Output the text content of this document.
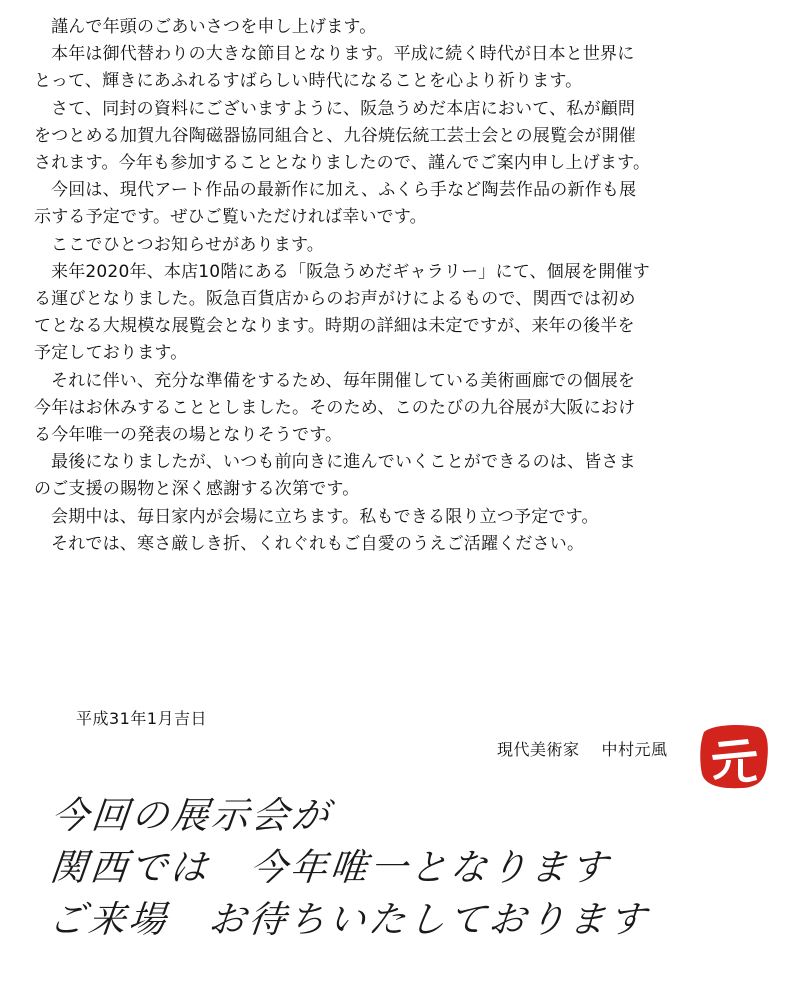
謹んで年頭のごあいさつを申し上げます。

本年は御代替わりの大きな節目となります。平成に続く時代が日本と世界に
とって、輝きにあふれるすばらしい時代になることを心より祈ります。

さて、同封の資料にございますように、阪急うめだ本店において、私が顧問
をつとめる加賀九谷陶磁器協同組合と、九谷焼伝統工芸士会との展覧会が開催
されます。今年も参加することとなりましたので、謹んでご案内申し上げます。

今回は、現代アート作品の最新作に加え、ふくら手など陶芸作品の新作も展
示する予定です。ぜひご覧いただければ幸いです。

ここでひとつお知らせがあります。

来年2020年、本店10階にある「阪急うめだギャラリー」にて、個展を開催す
る運びとなりました。阪急百貨店からのお声がけによるもので、関西では初め
てとなる大規模な展覧会となります。時期の詳細は未定ですが、来年の後半を
予定しております。

それに伴い、充分な準備をするため、毎年開催している美術画廊での個展を
今年はお休みすることとしました。そのため、このたびの九谷展が大阪におけ
る今年唯一の発表の場となりそうです。

最後になりましたが、いつも前向きに進んでいくことができるのは、皆さま
のご支援の賜物と深く感謝する次第です。

会期中は、毎日家内が会場に立ちます。私もできる限り立つ予定です。

それでは、寒さ厳しき折、くれぐれもご自愛のうえご活躍ください。

平成31年1月吉日
現代美術家 中村元風
元
今回の展示会が
関西では　今年唯一となります
ご来場　お待ちいたしております
